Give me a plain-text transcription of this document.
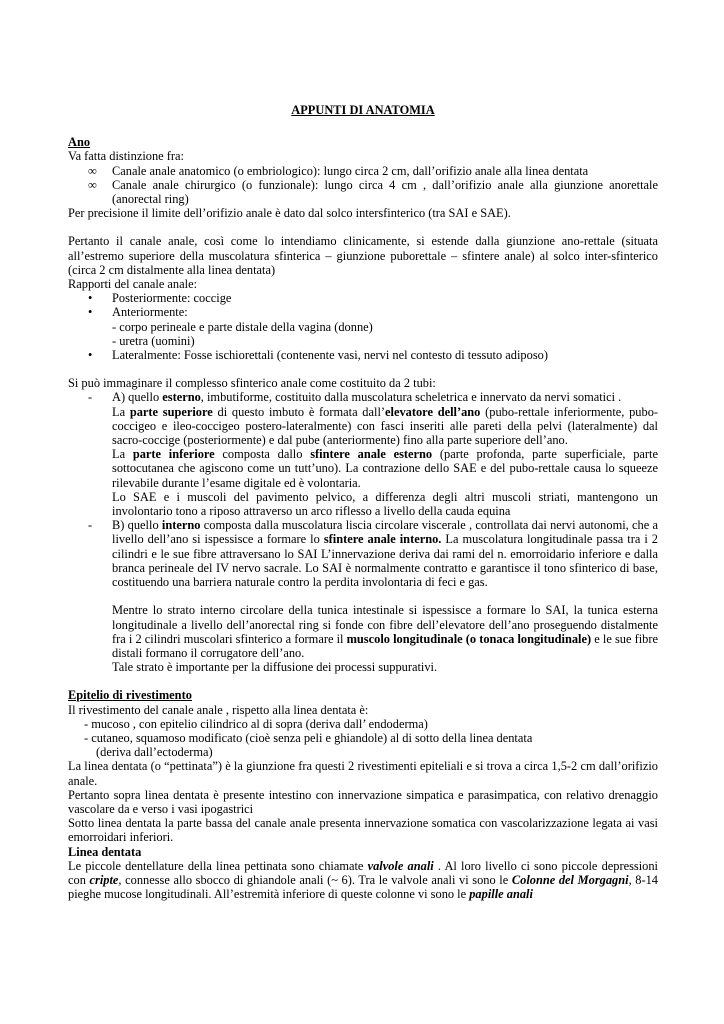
APPUNTI DI ANATOMIA

Ano

Va fatta distinzione fra:

∞	Canale anale anatomico (o embriologico): lungo circa 2 cm, dall’orifizio anale alla linea dentata
∞	Canale anale chirurgico (o funzionale): lungo circa 4 cm , dall’orifizio anale alla giunzione anorettale (anorectal ring)

Per precisione il limite dell’orifizio anale è dato dal solco intersfinterico (tra SAI e SAE).

Pertanto il canale anale, così come lo intendiamo clinicamente, si estende dalla giunzione ano-rettale (situata all’estremo superiore della muscolatura sfinterica – giunzione puborettale – sfintere anale) al solco inter-sfinterico (circa 2 cm distalmente alla linea dentata)

Rapporti del canale anale:

•	Posteriormente: coccige
•	Anteriormente:
- corpo perineale e parte distale della vagina (donne)
- uretra (uomini)
•	Lateralmente: Fosse ischiorettali (contenente vasi, nervi nel contesto di tessuto adiposo)

Si può immaginare il complesso sfinterico anale come costituito da 2 tubi:

-	A) quello esterno, imbutiforme, costituito dalla muscolatura scheletrica e innervato da nervi somatici .

La parte superiore di questo imbuto è formata dall’elevatore dell’ano (pubo-rettale inferiormente, pubo-coccigeo e ileo-coccigeo postero-lateralmente) con fasci inseriti alle pareti della pelvi (lateralmente) dal sacro-coccige (posteriormente) e dal pube (anteriormente) fino alla parte superiore dell’ano.

La parte inferiore composta dallo sfintere anale esterno (parte profonda, parte superficiale, parte sottocutanea che agiscono come un tutt’uno). La contrazione dello SAE e del pubo-rettale causa lo squeeze rilevabile durante l’esame digitale ed è volontaria.

Lo SAE e i muscoli del pavimento pelvico, a differenza degli altri muscoli striati, mantengono un involontario tono a riposo attraverso un arco riflesso a livello della cauda equina

-	B) quello interno composta dalla muscolatura liscia circolare viscerale , controllata dai nervi autonomi, che a livello dell’ano si ispessisce a formare lo sfintere anale interno. La muscolatura longitudinale passa tra i 2 cilindri e le sue fibre attraversano lo SAI L’innervazione deriva dai rami del n. emorroidario inferiore e dalla branca perineale del IV nervo sacrale. Lo SAI è normalmente contratto e garantisce il tono sfinterico di base, costituendo una barriera naturale contro la perdita involontaria di feci e gas.

Mentre lo strato interno circolare della tunica intestinale si ispessisce a formare lo SAI, la tunica esterna longitudinale a livello dell’anorectal ring si fonde con fibre dell’elevatore dell’ano proseguendo distalmente fra i 2 cilindri muscolari sfinterico a formare il muscolo longitudinale (o tonaca longitudinale) e le sue fibre distali formano il corrugatore dell’ano.

Tale strato è importante per la diffusione dei processi suppurativi.

Epitelio di rivestimento

Il rivestimento del canale anale , rispetto alla linea dentata è:

- mucoso , con epitelio cilindrico al di sopra (deriva dall’ endoderma)

- cutaneo, squamoso modificato (cioè senza peli e ghiandole) al di sotto della linea dentata

(deriva dall’ectoderma)

La linea dentata (o “pettinata”) è la giunzione fra questi 2 rivestimenti epiteliali e si trova a circa 1,5-2 cm dall’orifizio anale.

Pertanto sopra linea dentata è presente intestino con innervazione simpatica e parasimpatica, con relativo drenaggio vascolare da e verso i vasi ipogastrici

Sotto linea dentata la parte bassa del canale anale presenta innervazione somatica con vascolarizzazione legata ai vasi emorroidari inferiori.

Linea dentata

Le piccole dentellature della linea pettinata sono chiamate valvole anali . Al loro livello ci sono piccole depressioni con cripte, connesse allo sbocco di ghiandole anali (~ 6). Tra le valvole anali vi sono le Colonne del Morgagni, 8-14 pieghe mucose longitudinali. All’estremità inferiore di queste colonne vi sono le papille anali
